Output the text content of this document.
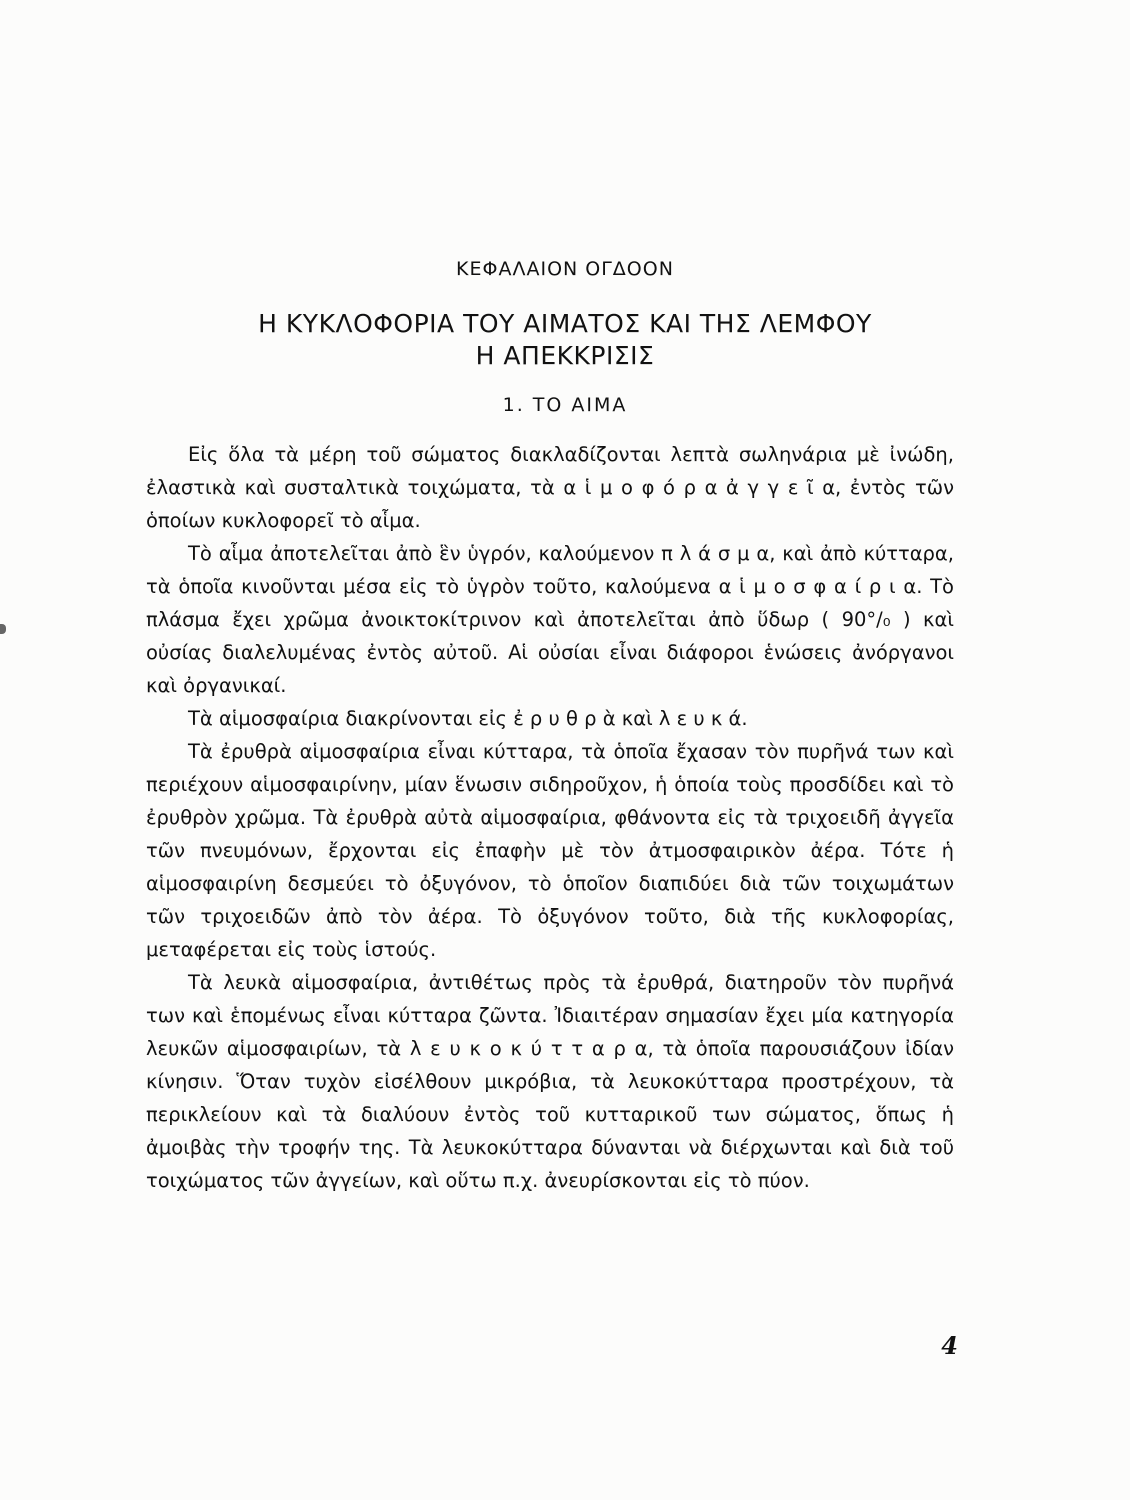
ΚΕΦΑΛΑΙΟΝ ΟΓΔΟΟΝ
Η ΚΥΚΛΟΦΟΡΙΑ ΤΟΥ ΑΙΜΑΤΟΣ ΚΑΙ ΤΗΣ ΛΕΜΦΟΥ
Η ΑΠΕΚΚΡΙΣΙΣ
1. ΤΟ ΑΙΜΑ

Εἰς ὅλα τὰ μέρη τοῦ σώματος διακλαδίζονται λεπτὰ σωληνάρια μὲ ἰνώδη, ἐλαστικὰ καὶ συσταλτικὰ τοιχώματα, τὰ α ἱ μ ο φ ό ρ α ἀ γ γ ε ῖ α, ἐντὸς τῶν ὁποίων κυκλοφορεῖ τὸ αἷμα.

Τὸ αἷμα ἀποτελεῖται ἀπὸ ἓν ὑγρόν, καλούμενον π λ ά σ μ α, καὶ ἀπὸ κύτταρα, τὰ ὁποῖα κινοῦνται μέσα εἰς τὸ ὑγρὸν τοῦτο, καλούμενα α ἱ μ ο σ φ α ί ρ ι α. Τὸ πλάσμα ἔχει χρῶμα ἀνοικτοκίτρινον καὶ ἀποτελεῖται ἀπὸ ὕδωρ ( 90°/₀ ) καὶ οὐσίας διαλελυμένας ἐντὸς αὐτοῦ. Αἱ οὐσίαι εἶναι διάφοροι ἑνώσεις ἀνόργανοι καὶ ὀργανικαί.

Τὰ αἱμοσφαίρια διακρίνονται εἰς ἐ ρ υ θ ρ ὰ καὶ λ ε υ κ ά.

Τὰ ἐρυθρὰ αἱμοσφαίρια εἶναι κύτταρα, τὰ ὁποῖα ἔχασαν τὸν πυρῆνά των καὶ περιέχουν αἱμοσφαιρίνην, μίαν ἕνωσιν σιδηροῦχον, ἡ ὁποία τοὺς προσδίδει καὶ τὸ ἐρυθρὸν χρῶμα. Τὰ ἐρυθρὰ αὐτὰ αἱμοσφαίρια, φθάνοντα εἰς τὰ τριχοειδῆ ἀγγεῖα τῶν πνευμόνων, ἔρχονται εἰς ἐπαφὴν μὲ τὸν ἀτμοσφαιρικὸν ἀέρα. Τότε ἡ αἱμοσφαιρίνη δεσμεύει τὸ ὀξυγόνον, τὸ ὁποῖον διαπιδύει διὰ τῶν τοιχωμάτων τῶν τριχοειδῶν ἀπὸ τὸν ἀέρα. Τὸ ὀξυγόνον τοῦτο, διὰ τῆς κυκλοφορίας, μεταφέρεται εἰς τοὺς ἱστούς.

Τὰ λευκὰ αἱμοσφαίρια, ἀντιθέτως πρὸς τὰ ἐρυθρά, διατηροῦν τὸν πυρῆνά των καὶ ἑπομένως εἶναι κύτταρα ζῶντα. Ἰδιαιτέραν σημασίαν ἔχει μία κατηγορία λευκῶν αἱμοσφαιρίων, τὰ λ ε υ κ ο κ ύ τ τ α ρ α, τὰ ὁποῖα παρουσιάζουν ἰδίαν κίνησιν. Ὅταν τυχὸν εἰσέλθουν μικρόβια, τὰ λευκοκύτταρα προστρέχουν, τὰ περικλείουν καὶ τὰ διαλύουν ἐντὸς τοῦ κυτταρικοῦ των σώματος, ὅπως ἡ ἀμοιβὰς τὴν τροφήν της. Τὰ λευκοκύτταρα δύνανται νὰ διέρχωνται καὶ διὰ τοῦ τοιχώματος τῶν ἀγγείων, καὶ οὕτω π.χ. ἀνευρίσκονται εἰς τὸ πύον.

4
